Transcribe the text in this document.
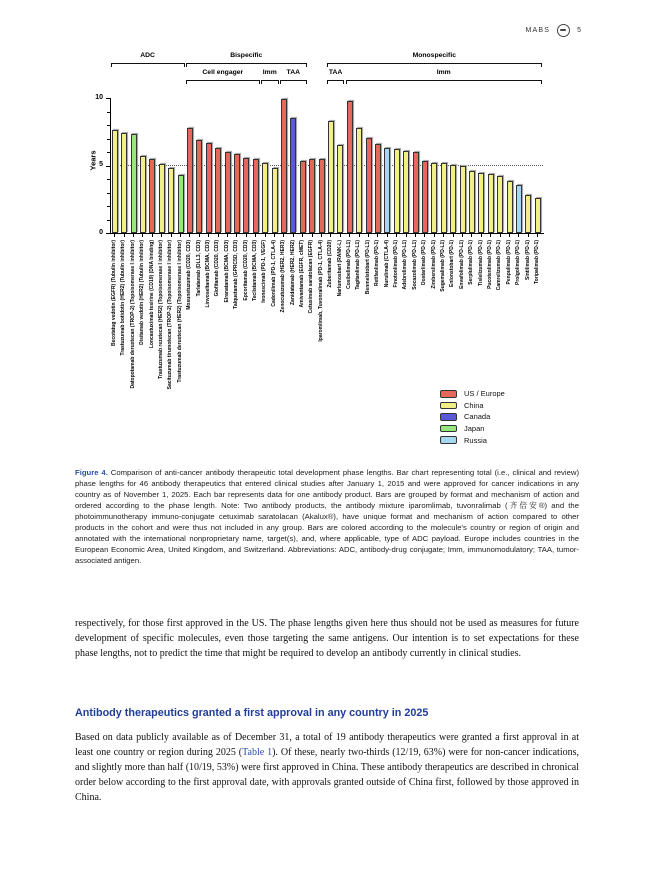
MABS	5
Years
ADC	Bispecific	Monospecific
Cell engager	Imm	TAA	TAA	Imm
0
5
10
Becotatug vedotin (EGFR) (Tubulin inhibitor) Trastuzumab botidotin (HER2) (Tubulin inhibitor) Datopotamab deruxtecan (TROP-2) (Topoisomerase I inhibitor) Disitamab vedotin (HER2) (Tubulin inhibitor) Loncastuximab tesirine (CD19) (DNA binding) Trastuzumab rezetecan (HER2) (Topoisomerase I inhibitor) Sacituzumab tirumotecan (TROP-2) (Topoisomerase I inhibitor) Trastuzumab deruxtecan (HER2) (Topoisomerase I inhibitor) Mosunetuzumab (CD20, CD3) Tarlatamab (DLL3, CD3) Linvoseltamab (BCMA, CD3) Glofitamab (CD20, CD3) Elranatamab (BCMA, CD3) Talquetamab (GPRC5D, CD3) Epcoritamab (CD20, CD3) Teclistamab (BCMA, CD3) Ivonescimab (PD-1, VEGF) Cadonilimab (PD-1, CTLA-4) Zenocutuzumab (HER2, HER3) Zanidatamab (HER2, HER2) Amivantamab (EGFR, cMET) Cetuximab saratolacan (EGFR) Iparomlimab, Tuvonralimab (PD-1, CTLA-4) Zuberitamab (CD20) Narlumosbart (RANK-L) Cosibelimab (PD-L1) Tagitanlimab (PD-L1) Benmelstobart (PD-L1) Retifanlimab (PD-1) Nurulimab (CTLA-4) Finotonlimab (PD-1) Adebrelimab (PD-L1) Socazolimab (PD-L1) Dostarlimab (PD-1) Zimberelimab (PD-1) Sugemalimab (PD-L1) Enlonstobart (PD-1) Envafolimab (PD-L1) Serplulimab (PD-1) Tislelizumab (PD-1) Pucotenlimab (PD-1) Camrelizumab (PD-1) Penpulimab (PD-1) Prolgolimab (PD-1) Sintilimab (PD-1) Toripalimab (PD-1)
US / Europe
China
Canada
Japan
Russia
Figure 4. Comparison of anti-cancer antibody therapeutic total development phase lengths. Bar chart representing total (i.e., clinical and review) phase lengths for 46 antibody therapeutics that entered clinical studies after January 1, 2015 and were approved for cancer indications in any country as of November 1, 2025. Each bar represents data for one antibody product. Bars are grouped by format and mechanism of action and ordered according to the phase length. Note: Two antibody products, the antibody mixture iparomlimab, tuvonralimab (齐倍安®) and the photoimmunotherapy immuno-conjugate cetuximab saratolacan (Akalux®), have unique format and mechanism of action compared to other products in the cohort and were thus not included in any group. Bars are colored according to the molecule's country or region of origin and annotated with the international nonproprietary name, target(s), and, where applicable, type of ADC payload. Europe includes countries in the European Economic Area, United Kingdom, and Switzerland. Abbreviations: ADC, antibody-drug conjugate; Imm, immunomodulatory; TAA, tumor-associated antigen.
respectively, for those first approved in the US. The phase lengths given here thus should not be used as measures for future development of specific molecules, even those targeting the same antigens. Our intention is to set expectations for these phase lengths, not to predict the time that might be required to develop an antibody currently in clinical studies.
Antibody therapeutics granted a first approval in any country in 2025
Based on data publicly available as of December 31, a total of 19 antibody therapeutics were granted a first approval in at least one country or region during 2025 (Table 1). Of these, nearly two-thirds (12/19, 63%) were for non-cancer indications, and slightly more than half (10/19, 53%) were first approved in China. These antibody therapeutics are described in chronical order below according to the first approval date, with approvals granted outside of China first, followed by those approved in China.
